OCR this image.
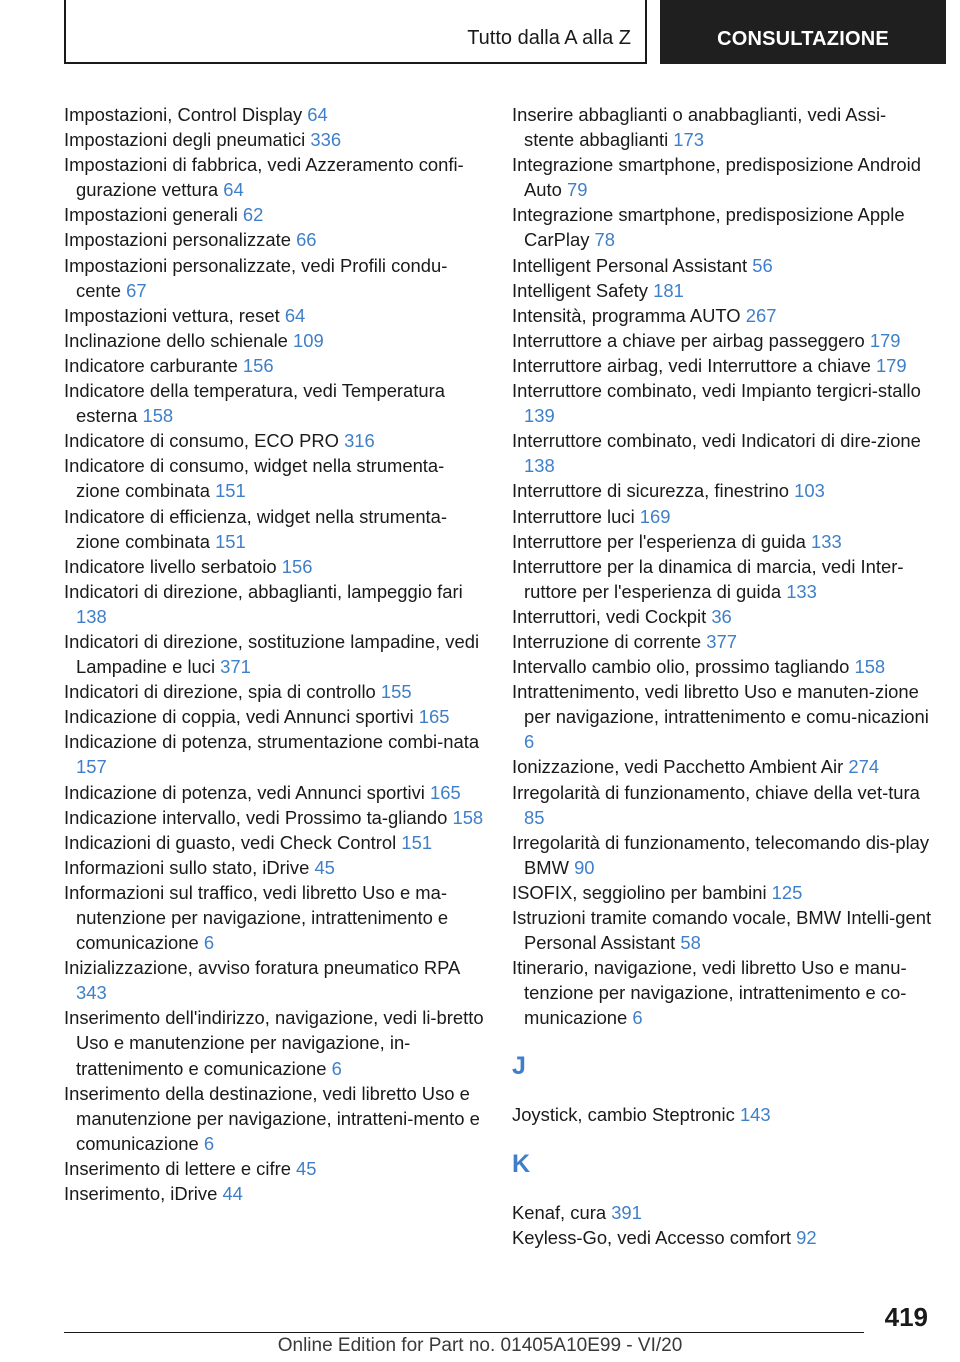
Tutto dalla A alla Z	CONSULTAZIONE
Impostazioni, Control Display 64
Impostazioni degli pneumatici 336
Impostazioni di fabbrica, vedi Azzeramento confi-gurazione vettura 64
Impostazioni generali 62
Impostazioni personalizzate 66
Impostazioni personalizzate, vedi Profili condu-cente 67
Impostazioni vettura, reset 64
Inclinazione dello schienale 109
Indicatore carburante 156
Indicatore della temperatura, vedi Temperatura esterna 158
Indicatore di consumo, ECO PRO 316
Indicatore di consumo, widget nella strumenta-zione combinata 151
Indicatore di efficienza, widget nella strumenta-zione combinata 151
Indicatore livello serbatoio 156
Indicatori di direzione, abbaglianti, lampeggio fari 138
Indicatori di direzione, sostituzione lampadine, vedi Lampadine e luci 371
Indicatori di direzione, spia di controllo 155
Indicazione di coppia, vedi Annunci sportivi 165
Indicazione di potenza, strumentazione combi-nata 157
Indicazione di potenza, vedi Annunci sportivi 165
Indicazione intervallo, vedi Prossimo ta-gliando 158
Indicazioni di guasto, vedi Check Control 151
Informazioni sullo stato, iDrive 45
Informazioni sul traffico, vedi libretto Uso e ma-nutenzione per navigazione, intrattenimento e comunicazione 6
Inizializzazione, avviso foratura pneumatico RPA 343
Inserimento dell'indirizzo, navigazione, vedi li-bretto Uso e manutenzione per navigazione, in-trattenimento e comunicazione 6
Inserimento della destinazione, vedi libretto Uso e manutenzione per navigazione, intratteni-mento e comunicazione 6
Inserimento di lettere e cifre 45
Inserimento, iDrive 44
Inserire abbaglianti o anabbaglianti, vedi Assi-stente abbaglianti 173
Integrazione smartphone, predisposizione Android Auto 79
Integrazione smartphone, predisposizione Apple CarPlay 78
Intelligent Personal Assistant 56
Intelligent Safety 181
Intensità, programma AUTO 267
Interruttore a chiave per airbag passeggero 179
Interruttore airbag, vedi Interruttore a chiave 179
Interruttore combinato, vedi Impianto tergicri-stallo 139
Interruttore combinato, vedi Indicatori di dire-zione 138
Interruttore di sicurezza, finestrino 103
Interruttore luci 169
Interruttore per l'esperienza di guida 133
Interruttore per la dinamica di marcia, vedi Inter-ruttore per l'esperienza di guida 133
Interruttori, vedi Cockpit 36
Interruzione di corrente 377
Intervallo cambio olio, prossimo tagliando 158
Intrattenimento, vedi libretto Uso e manuten-zione per navigazione, intrattenimento e comu-nicazioni 6
Ionizzazione, vedi Pacchetto Ambient Air 274
Irregolarità di funzionamento, chiave della vet-tura 85
Irregolarità di funzionamento, telecomando dis-play BMW 90
ISOFIX, seggiolino per bambini 125
Istruzioni tramite comando vocale, BMW Intelli-gent Personal Assistant 58
Itinerario, navigazione, vedi libretto Uso e manu-tenzione per navigazione, intrattenimento e co-municazione 6
J
Joystick, cambio Steptronic 143
K
Kenaf, cura 391
Keyless-Go, vedi Accesso comfort 92
419
Online Edition for Part no. 01405A10E99 - VI/20
